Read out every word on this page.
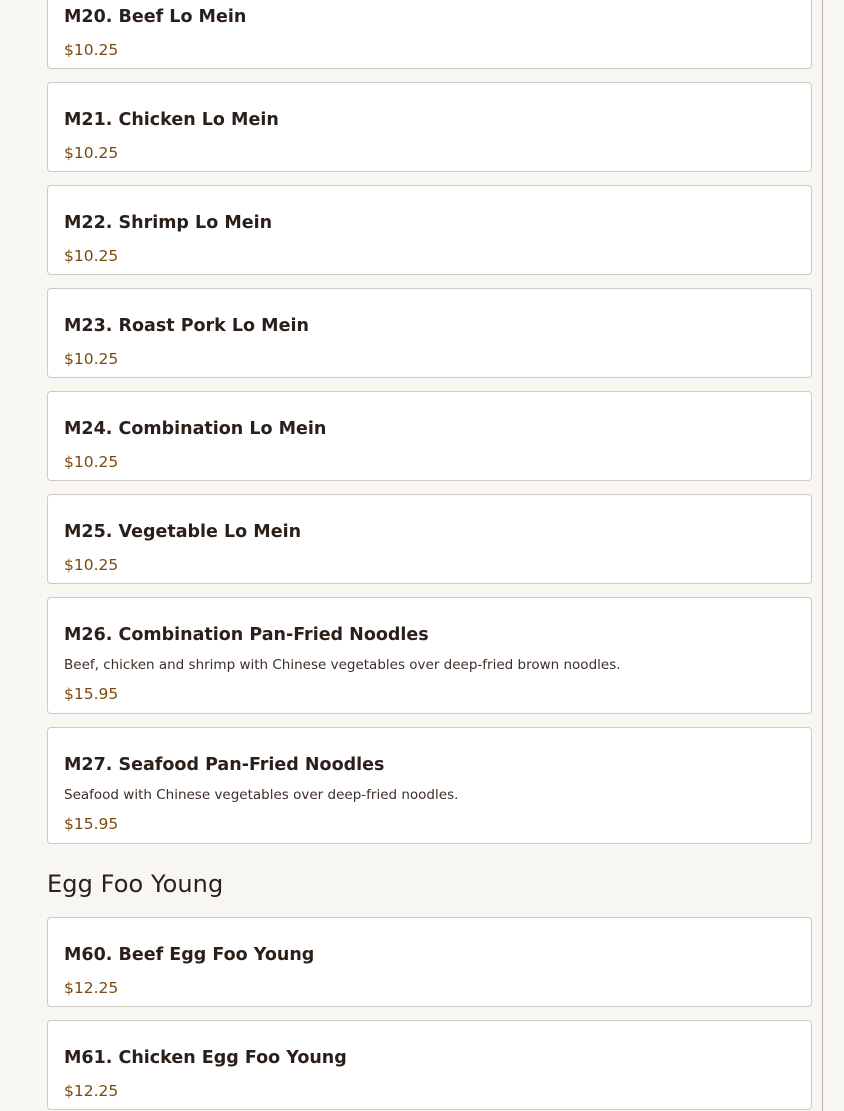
M20. Beef Lo Mein
$10.25
M21. Chicken Lo Mein
$10.25
M22. Shrimp Lo Mein
$10.25
M23. Roast Pork Lo Mein
$10.25
M24. Combination Lo Mein
$10.25
M25. Vegetable Lo Mein
$10.25
M26. Combination Pan-Fried Noodles
Beef, chicken and shrimp with Chinese vegetables over deep-fried brown noodles.
$15.95
M27. Seafood Pan-Fried Noodles
Seafood with Chinese vegetables over deep-fried noodles.
$15.95
Egg Foo Young
M60. Beef Egg Foo Young
$12.25
M61. Chicken Egg Foo Young
$12.25
